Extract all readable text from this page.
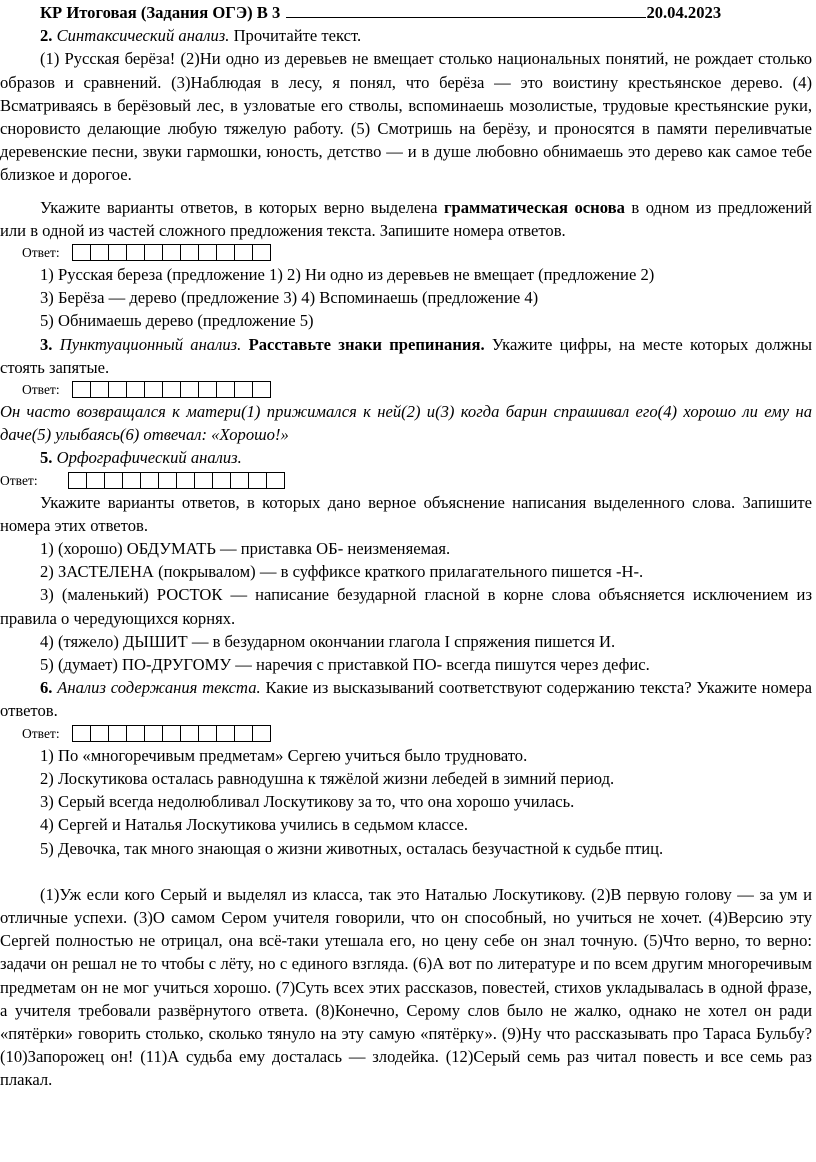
КР Итоговая (Задания ОГЭ) В 3	20.04.2023

2. Синтаксический анализ. Прочитайте текст.

(1) Русская берёза! (2)Ни одно из деревьев не вмещает столько национальных понятий, не рождает столько образов и сравнений. (3)Наблюдая в лесу, я понял, что берёза — это воистину крестьянское дерево. (4) Всматриваясь в берёзовый лес, в узловатые его стволы, вспоминаешь мозолистые, трудовые крестьянские руки, сноровисто делающие любую тяжелую работу. (5) Смотришь на берёзу, и проносятся в памяти переливчатые деревенские песни, звуки гармошки, юность, детство — и в душе любовно обнимаешь это дерево как самое тебе близкое и дорогое.

Укажите варианты ответов, в которых верно выделена грамматическая основа в одном из предложений или в одной из частей сложного предложения текста. Запишите номера ответов.

Ответ:

1) Русская береза (предложение 1) 2) Ни одно из деревьев не вмещает (предложение 2)

3) Берёза — дерево (предложение 3) 4) Вспоминаешь (предложение 4)

5) Обнимаешь дерево (предложение 5)

3. Пунктуационный анализ. Расставьте знаки препинания. Укажите цифры, на месте которых должны стоять запятые.

Ответ:

Он часто возвращался к матери(1) прижимался к ней(2) и(3) когда барин спрашивал его(4) хорошо ли ему на даче(5) улыбаясь(6) отвечал: «Хорошо!»

5. Орфографический анализ.

Ответ:

Укажите варианты ответов, в которых дано верное объяснение написания выделенного слова. Запишите номера этих ответов.

1) (хорошо) ОБДУМАТЬ — приставка ОБ- неизменяемая.

2) ЗАСТЕЛЕНА (покрывалом) — в суффиксе краткого прилагательного пишется -Н-.

3) (маленький) РОСТОК — написание безударной гласной в корне слова объясняется исключением из правила о чередующихся корнях.

4) (тяжело) ДЫШИТ — в безударном окончании глагола I спряжения пишется И.

5) (думает) ПО-ДРУГОМУ — наречия с приставкой ПО- всегда пишутся через дефис.

6. Анализ содержания текста. Какие из высказываний соответствуют содержанию текста? Укажите номера ответов.

Ответ:

1) По «многоречивым предметам» Сергею учиться было трудновато.

2) Лоскутикова осталась равнодушна к тяжёлой жизни лебедей в зимний период.

3) Серый всегда недолюбливал Лоскутикову за то, что она хорошо училась.

4) Сергей и Наталья Лоскутикова учились в седьмом классе.

5) Девочка, так много знающая о жизни животных, осталась безучастной к судьбе птиц.

(1)Уж если кого Серый и выделял из класса, так это Наталью Лоскутикову. (2)В первую голову — за ум и отличные успехи. (3)О самом Сером учителя говорили, что он способный, но учиться не хочет. (4)Версию эту Сергей полностью не отрицал, она всё-таки утешала его, но цену себе он знал точную. (5)Что верно, то верно: задачи он решал не то чтобы с лёту, но с единого взгляда. (6)А вот по литературе и по всем другим многоречивым предметам он не мог учиться хорошо. (7)Суть всех этих рассказов, повестей, стихов укладывалась в одной фразе, а учителя требовали развёрнутого ответа. (8)Конечно, Серому слов было не жалко, однако не хотел он ради «пятёрки» говорить столько, сколько тянуло на эту самую «пятёрку». (9)Ну что рассказывать про Тараса Бульбу? (10)Запорожец он! (11)А судьба ему досталась — злодейка. (12)Серый семь раз читал повесть и все семь раз плакал.
